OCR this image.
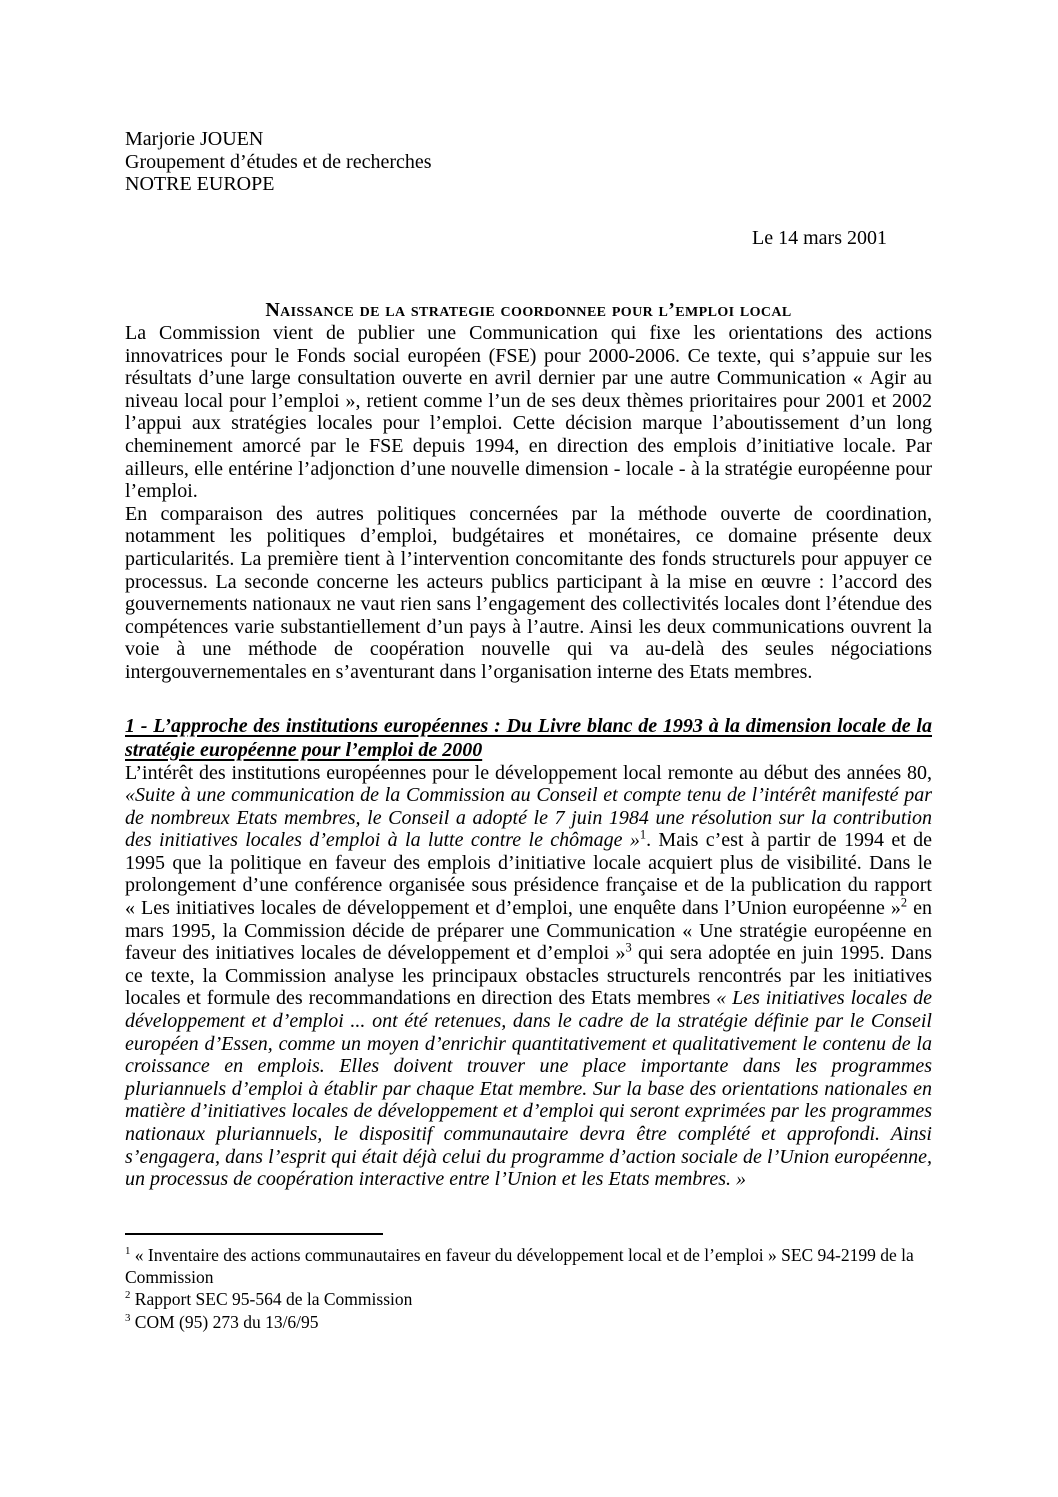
Marjorie JOUEN
Groupement d’études et de recherches
NOTRE EUROPE
Le 14 mars 2001
Naissance de la strategie coordonnee pour l’emploi local

La Commission vient de publier une Communication qui fixe les orientations des actions innovatrices pour le Fonds social européen (FSE) pour 2000-2006. Ce texte, qui s’appuie sur les résultats d’une large consultation ouverte en avril dernier par une autre Communication « Agir au niveau local pour l’emploi », retient comme l’un de ses deux thèmes prioritaires pour 2001 et 2002 l’appui aux stratégies locales pour l’emploi. Cette décision marque l’aboutissement d’un long cheminement amorcé par le FSE depuis 1994, en direction des emplois d’initiative locale. Par ailleurs, elle entérine l’adjonction d’une nouvelle dimension - locale - à la stratégie européenne pour l’emploi.

En comparaison des autres politiques concernées par la méthode ouverte de coordination, notamment les politiques d’emploi, budgétaires et monétaires, ce domaine présente deux particularités. La première tient à l’intervention concomitante des fonds structurels pour appuyer ce processus. La seconde concerne les acteurs publics participant à la mise en œuvre : l’accord des gouvernements nationaux ne vaut rien sans l’engagement des collectivités locales dont l’étendue des compétences varie substantiellement d’un pays à l’autre. Ainsi les deux communications ouvrent la voie à une méthode de coopération nouvelle qui va au-delà des seules négociations intergouvernementales en s’aventurant dans l’organisation interne des Etats membres.

1 - L’approche des institutions européennes : Du Livre blanc de 1993 à la dimension locale de la stratégie européenne pour l’emploi de 2000

L’intérêt des institutions européennes pour le développement local remonte au début des années 80, «Suite à une communication de la Commission au Conseil et compte tenu de l’intérêt manifesté par de nombreux Etats membres, le Conseil a adopté le 7 juin 1984 une résolution sur la contribution des initiatives locales d’emploi à la lutte contre le chômage »$^1$. Mais c’est à partir de 1994 et de 1995 que la politique en faveur des emplois d’initiative locale acquiert plus de visibilité. Dans le prolongement d’une conférence organisée sous présidence française et de la publication du rapport « Les initiatives locales de développement et d’emploi, une enquête dans l’Union européenne »$^2$ en mars 1995, la Commission décide de préparer une Communication « Une stratégie européenne en faveur des initiatives locales de développement et d’emploi »$^3$ qui sera adoptée en juin 1995. Dans ce texte, la Commission analyse les principaux obstacles structurels rencontrés par les initiatives locales et formule des recommandations en direction des Etats membres « Les initiatives locales de développement et d’emploi ... ont été retenues, dans le cadre de la stratégie définie par le Conseil européen d’Essen, comme un moyen d’enrichir quantitativement et qualitativement le contenu de la croissance en emplois. Elles doivent trouver une place importante dans les programmes pluriannuels d’emploi à établir par chaque Etat membre. Sur la base des orientations nationales en matière d’initiatives locales de développement et d’emploi qui seront exprimées par les programmes nationaux pluriannuels, le dispositif communautaire devra être complété et approfondi. Ainsi s’engagera, dans l’esprit qui était déjà celui du programme d’action sociale de l’Union européenne, un processus de coopération interactive entre l’Union et les Etats membres. »

$^1$ « Inventaire des actions communautaires en faveur du développement local et de l’emploi » SEC 94-2199 de la Commission
$^2$ Rapport SEC 95-564 de la Commission
$^3$ COM (95) 273 du 13/6/95
